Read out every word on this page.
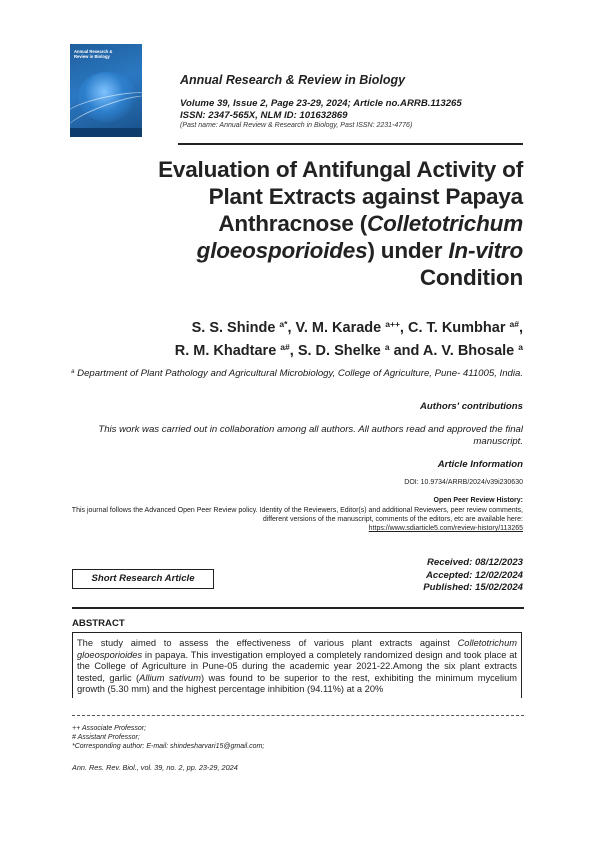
Annual Research &
Review in Biology
Annual Research & Review in Biology
Volume 39, Issue 2, Page 23-29, 2024; Article no.ARRB.113265
ISSN: 2347-565X, NLM ID: 101632869
(Past name: Annual Review & Research in Biology, Past ISSN: 2231-4776)
Evaluation of Antifungal Activity of
Plant Extracts against Papaya
Anthracnose (Colletotrichum
gloeosporioides) under In-vitro
Condition
S. S. Shinde $^{a*}$, V. M. Karade $^{a++}$, C. T. Kumbhar $^{a\#}$,
R. M. Khadtare $^{a\#}$, S. D. Shelke $^a$ and A. V. Bhosale $^a$
$^a$ Department of Plant Pathology and Agricultural Microbiology, College of Agriculture, Pune- 411005, India.
Authors' contributions
This work was carried out in collaboration among all authors. All authors read and approved the final manuscript.
Article Information
DOI: 10.9734/ARRB/2024/v39i230630
Open Peer Review History:
This journal follows the Advanced Open Peer Review policy. Identity of the Reviewers, Editor(s) and additional Reviewers, peer review comments, different versions of the manuscript, comments of the editors, etc are available here:
https://www.sdiarticle5.com/review-history/113265
Short Research Article
Received: 08/12/2023
Accepted: 12/02/2024
Published: 15/02/2024
ABSTRACT
The study aimed to assess the effectiveness of various plant extracts against Colletotrichum gloeosporioides in papaya. This investigation employed a completely randomized design and took place at the College of Agriculture in Pune-05 during the academic year 2021-22.Among the six plant extracts tested, garlic (Allium sativum) was found to be superior to the rest, exhibiting the minimum mycelium growth (5.30 mm) and the highest percentage inhibition (94.11%) at a 20%
++ Associate Professor;
# Assistant Professor;
*Corresponding author: E-mail: shindesharvari15@gmail.com;
Ann. Res. Rev. Biol., vol. 39, no. 2, pp. 23-29, 2024
